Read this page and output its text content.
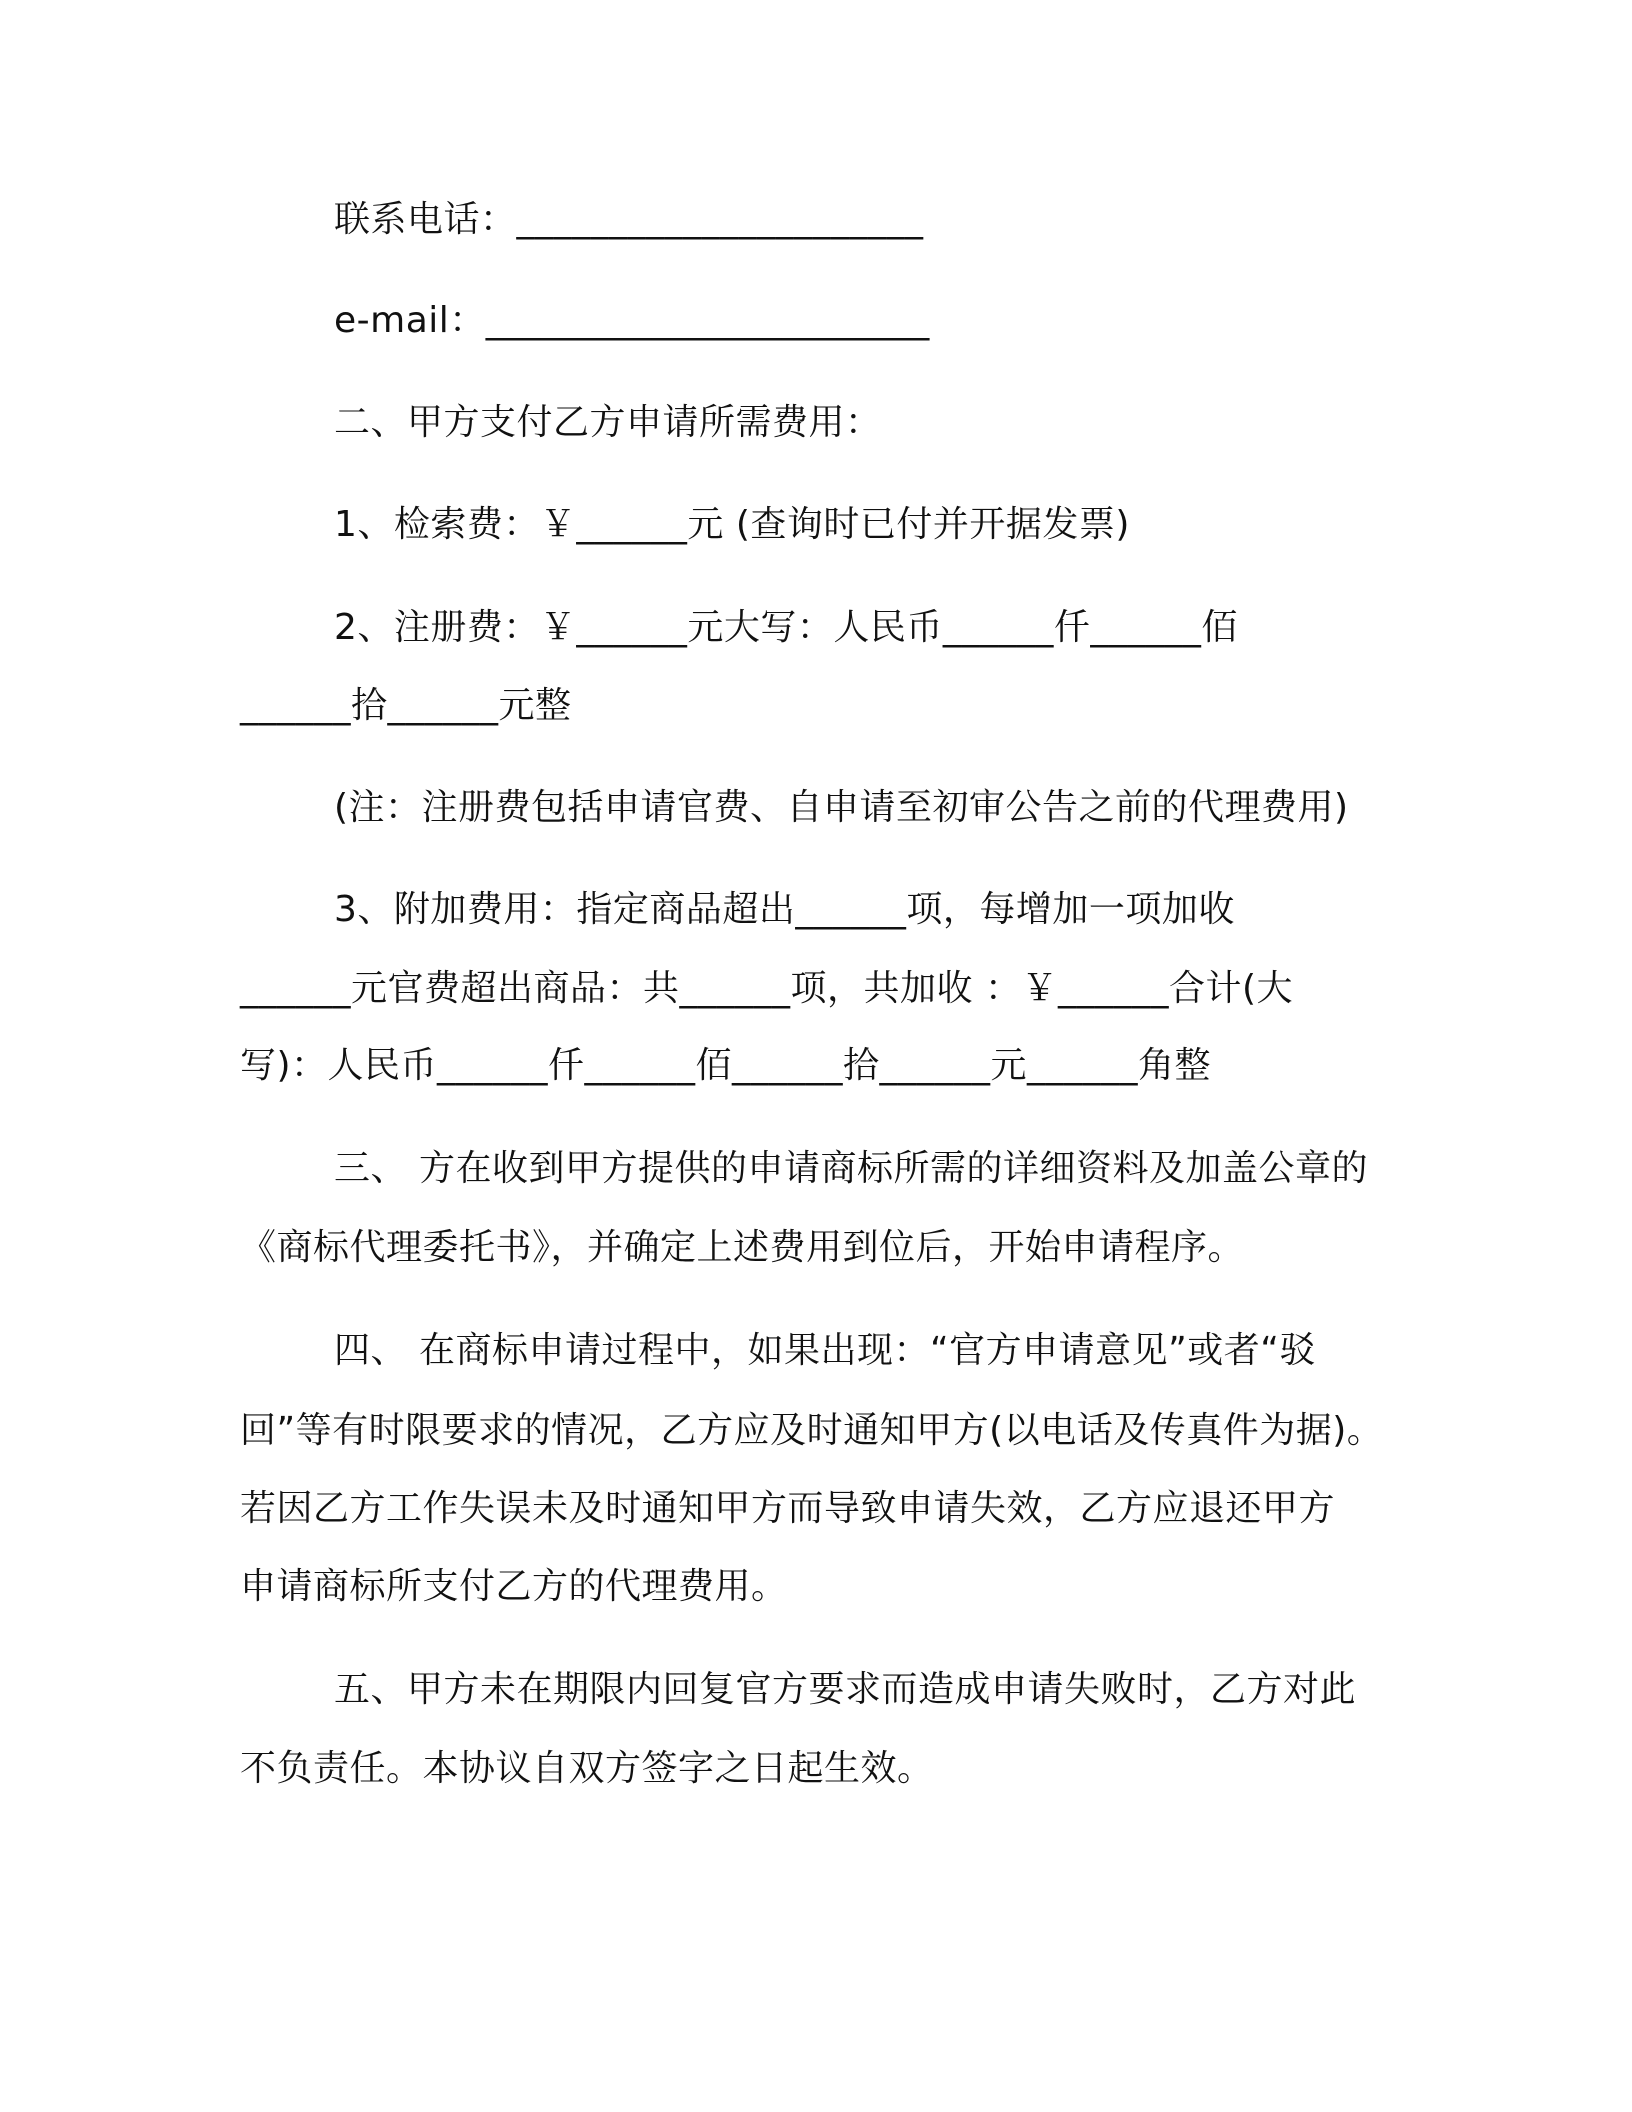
联系电话：______________________
e-mail：________________________
二、甲方支付乙方申请所需费用：
1、检索费：￥______元 (查询时已付并开据发票)
2、注册费：￥______元大写：人民币______仟______佰
______拾______元整
(注：注册费包括申请官费、自申请至初审公告之前的代理费用)
3、附加费用：指定商品超出______项，每增加一项加收
______元官费超出商品：共______项，共加收 ：￥______合计(大
写)：人民币______仟______佰______拾______元______角整
三、 方在收到甲方提供的申请商标所需的详细资料及加盖公章的
《商标代理委托书》，并确定上述费用到位后，开始申请程序。
四、 在商标申请过程中，如果出现：“官方申请意见”或者“驳
回”等有时限要求的情况，乙方应及时通知甲方(以电话及传真件为据)。
若因乙方工作失误未及时通知甲方而导致申请失效，乙方应退还甲方
申请商标所支付乙方的代理费用。
五、甲方未在期限内回复官方要求而造成申请失败时，乙方对此
不负责任。本协议自双方签字之日起生效。
